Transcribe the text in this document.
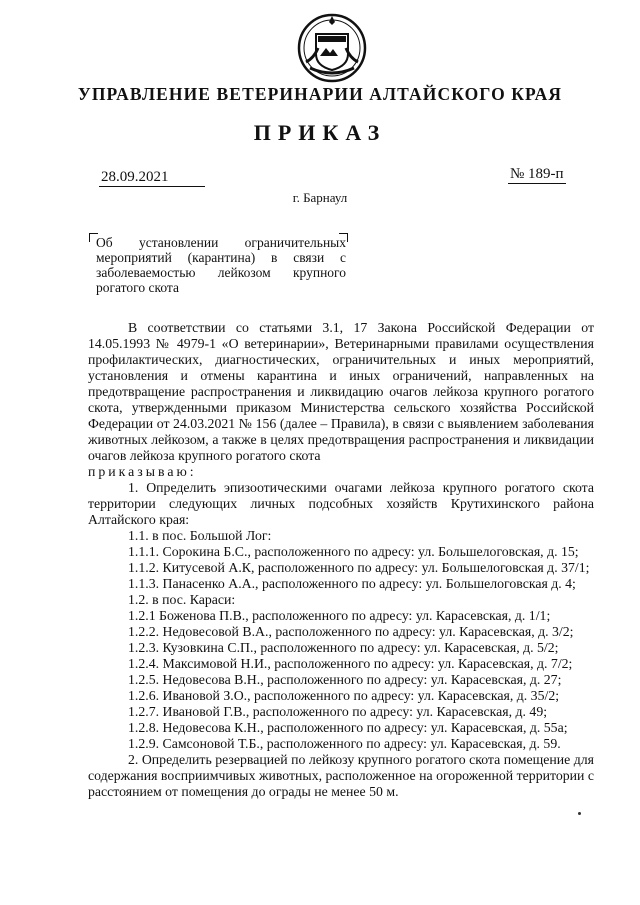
УПРАВЛЕНИЕ ВЕТЕРИНАРИИ АЛТАЙСКОГО КРАЯ
ПРИКАЗ
28.09.2021	№ 189-п
г. Барнаул
Об установлении ограничительных мероприятий (карантина) в связи с заболеваемостью лейкозом крупного рогатого скота

В соответствии со статьями 3.1, 17 Закона Российской Федерации от 14.05.1993 № 4979-1 «О ветеринарии», Ветеринарными правилами осуществления профилактических, диагностических, ограничительных и иных мероприятий, установления и отмены карантина и иных ограничений, направленных на предотвращение распространения и ликвидацию очагов лейкоза крупного рогатого скота, утвержденными приказом Министерства сельского хозяйства Российской Федерации от 24.03.2021 № 156 (далее – Правила), в связи с выявлением заболевания животных лейкозом, а также в целях предотвращения распространения и ликвидации очагов лейкоза крупного рогатого скота

приказываю:

1. Определить эпизоотическими очагами лейкоза крупного рогатого скота территории следующих личных подсобных хозяйств Крутихинского района Алтайского края:

1.1. в пос. Большой Лог:

1.1.1. Сорокина Б.С., расположенного по адресу: ул. Большелоговская, д. 15;

1.1.2. Китусевой А.К, расположенного по адресу: ул. Большелоговская д. 37/1;

1.1.3. Панасенко А.А., расположенного по адресу: ул. Большелоговская д. 4;

1.2. в пос. Караси:

1.2.1 Боженова П.В., расположенного по адресу: ул. Карасевская, д. 1/1;

1.2.2. Недовесовой В.А., расположенного по адресу: ул. Карасевская, д. 3/2;

1.2.3. Кузовкина С.П., расположенного по адресу: ул. Карасевская, д. 5/2;

1.2.4. Максимовой Н.И., расположенного по адресу: ул. Карасевская, д. 7/2;

1.2.5. Недовесова В.Н., расположенного по адресу: ул. Карасевская, д. 27;

1.2.6. Ивановой З.О., расположенного по адресу: ул. Карасевская, д. 35/2;

1.2.7. Ивановой Г.В., расположенного по адресу: ул. Карасевская, д. 49;

1.2.8. Недовесова К.Н., расположенного по адресу: ул. Карасевская, д. 55а;

1.2.9. Самсоновой Т.Б., расположенного по адресу: ул. Карасевская, д. 59.

2. Определить резервацией по лейкозу крупного рогатого скота помещение для содержания восприимчивых животных, расположенное на огороженной территории с расстоянием от помещения до ограды не менее 50 м.
